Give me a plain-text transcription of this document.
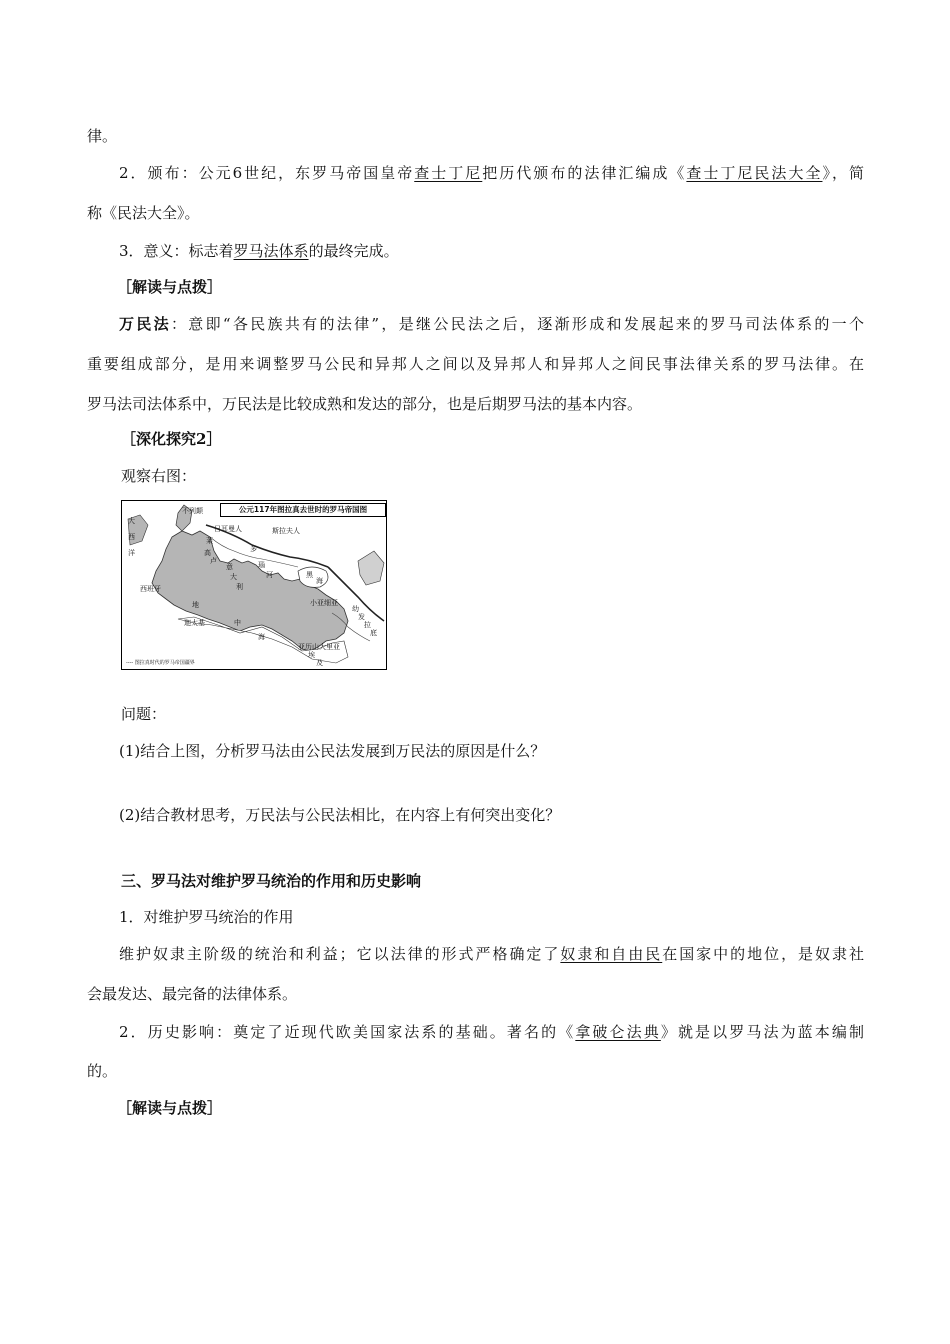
律。
2．颁布：公元6世纪，东罗马帝国皇帝查士丁尼把历代颁布的法律汇编成《查士丁尼民法大全》，简
称《民法大全》。
3．意义：标志着罗马法体系的最终完成。
［解读与点拨］
万民法：意即“各民族共有的法律”，是继公民法之后，逐渐形成和发展起来的罗马司法体系的一个
重要组成部分，是用来调整罗马公民和异邦人之间以及异邦人和异邦人之间民事法律关系的罗马法律。在
罗马法司法体系中，万民法是比较成熟和发达的部分，也是后期罗马法的基本内容。
［深化探究2］
观察右图：
公元117年图拉真去世时的罗马帝国图
大
西
洋
不列颠
日耳曼人
莱
高
卢
多
瑙
河
斯拉夫人
西班牙
意
大
利
黑
海
地
中
海
小亚细亚
迦太基
幼
发
拉
底
亚历山大里亚
埃
及
---- 图拉真时代的罗马帝国疆界
问题：
(1)结合上图，分析罗马法由公民法发展到万民法的原因是什么？
(2)结合教材思考，万民法与公民法相比，在内容上有何突出变化？
三、罗马法对维护罗马统治的作用和历史影响
1．对维护罗马统治的作用
维护奴隶主阶级的统治和利益；它以法律的形式严格确定了奴隶和自由民在国家中的地位，是奴隶社
会最发达、最完备的法律体系。
2．历史影响：奠定了近现代欧美国家法系的基础。著名的《拿破仑法典》就是以罗马法为蓝本编制
的。
［解读与点拨］
